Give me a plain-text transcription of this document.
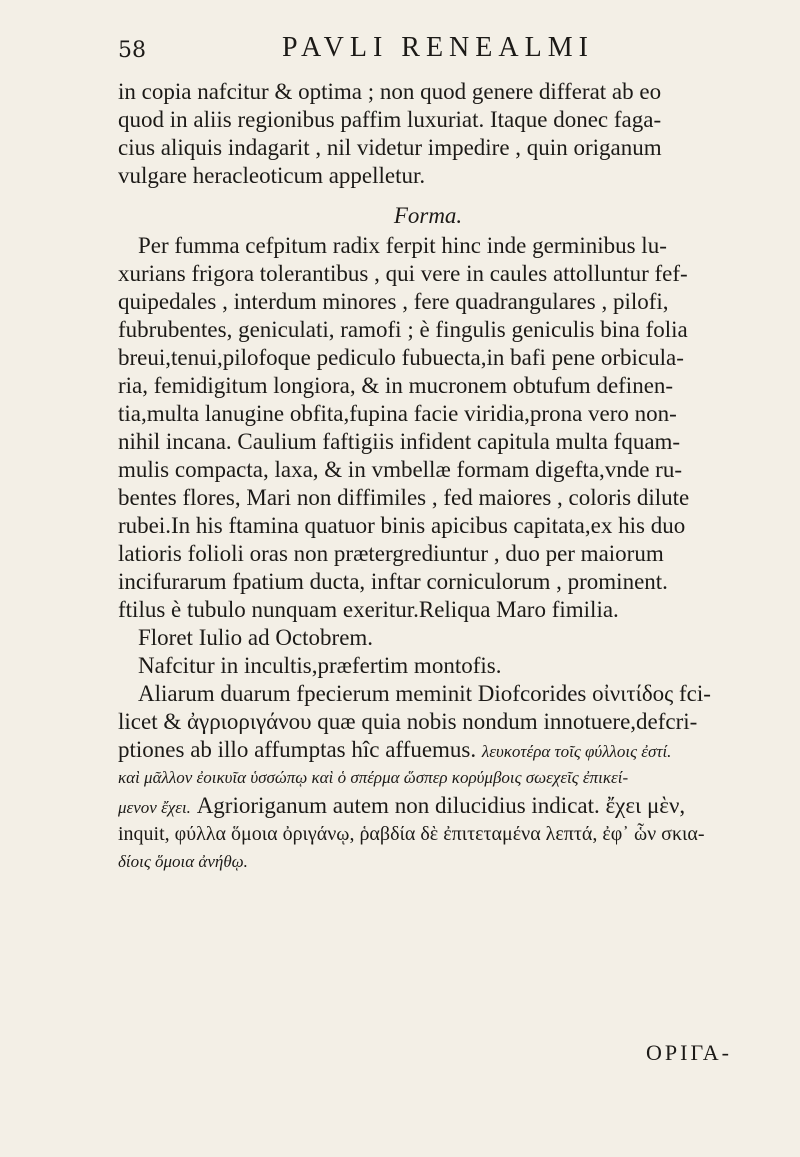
58	PAVLI RENEALMI
in copia nafcitur & optima ; non quod genere differat ab eo
quod in aliis regionibus paffim luxuriat. Itaque donec faga-
cius aliquis indagarit , nil videtur impedire , quin origanum
vulgare heracleoticum appelletur.
Forma.
Per fumma cefpitum radix ferpit hinc inde germinibus lu-
xurians frigora tolerantibus , qui vere in caules attolluntur fef-
quipedales , interdum minores , fere quadrangulares , pilofi,
fubrubentes, geniculati, ramofi ; è fingulis geniculis bina folia
breui,tenui,pilofoque pediculo fubuecta,in bafi pene orbicula-
ria, femidigitum longiora, & in mucronem obtufum definen-
tia,multa lanugine obfita,fupina facie viridia,prona vero non-
nihil incana. Caulium faftigiis infident capitula multa fquam-
mulis compacta, laxa, & in vmbellæ formam digefta,vnde ru-
bentes flores, Mari non diffimiles , fed maiores , coloris dilute
rubei.In his ftamina quatuor binis apicibus capitata,ex his duo
latioris folioli oras non prætergrediuntur , duo per maiorum
incifurarum fpatium ducta, inftar corniculorum , prominent.
ftilus è tubulo nunquam exeritur.Reliqua Maro fimilia.
Floret Iulio ad Octobrem.
Nafcitur in incultis,præfertim montofis.
Aliarum duarum fpecierum meminit Diofcorides οἰνιτίδος fci-
licet & ἀγριοριγάνου quæ quia nobis nondum innotuere,defcri-
ptiones ab illo affumptas hîc affuemus. λευκοτέρα τοῖς φύλλοις ἐστί.
καὶ μᾶλλον ἐοικυῖα ὑσσώπῳ καὶ ὁ σπέρμα ὥσπερ κορύμβοις σωεχεῖς ἐπικεί-
μενον ἔχει. Agrioriganum autem non dilucidius indicat. ἔχει μὲν,
inquit, φύλλα ὅμοια ὀριγάνῳ, ῥαβδία δὲ ἐπιτεταμένα λεπτά, ἐφ᾽ ὧν σκια-
δίοις ὅμοια ἀνήθῳ.
ΟΡΙΓΑ-
